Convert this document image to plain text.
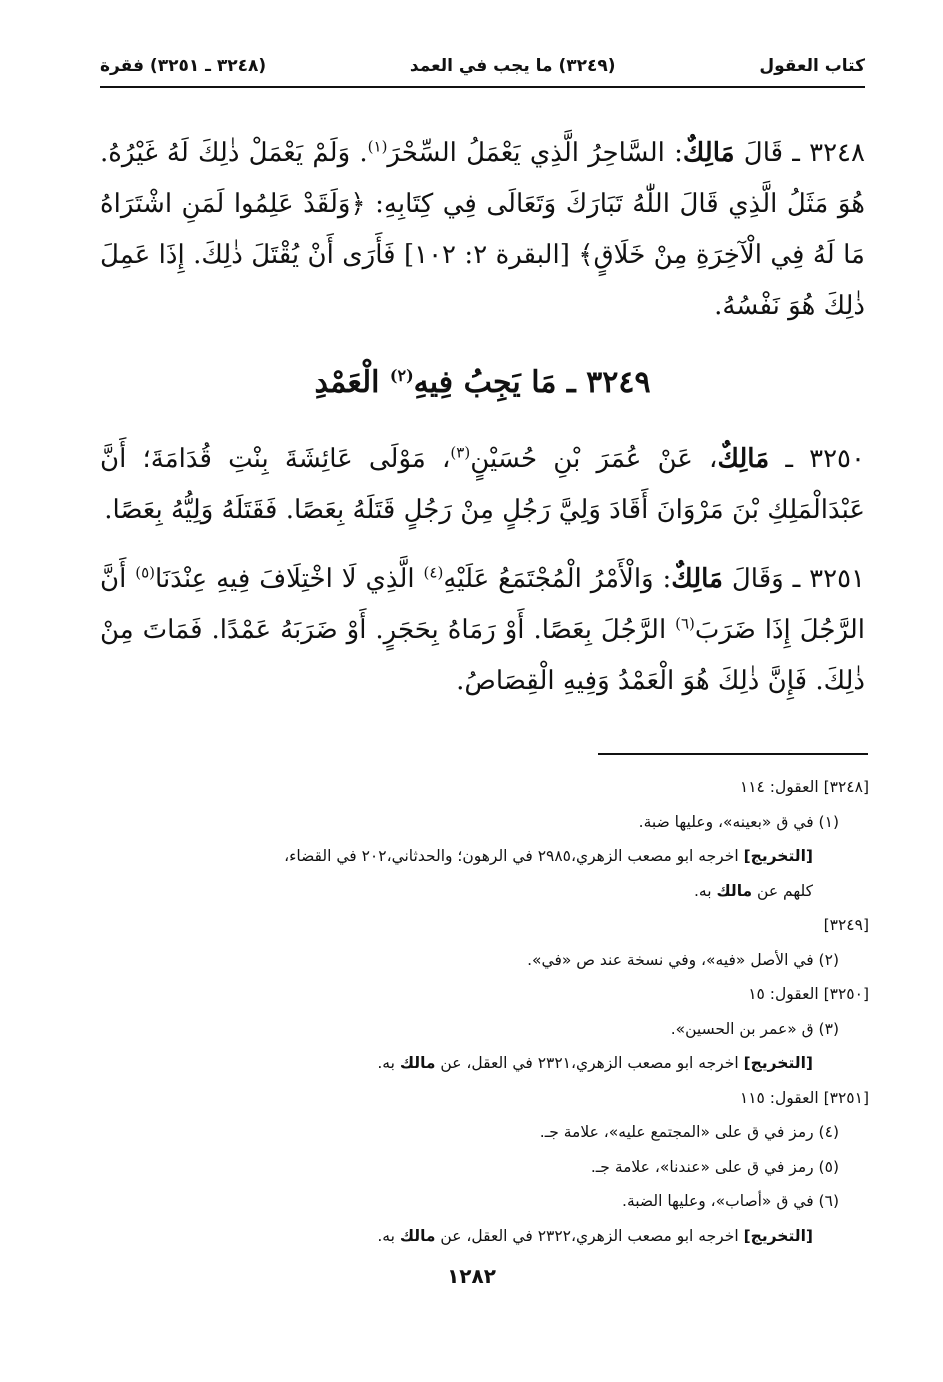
كتاب العقول
(٣٢٤٩) ما يجب في العمد
(٣٢٤٨ ـ ٣٢٥١) فقرة

٣٢٤٨ ـ قَالَ مَالِكٌ: السَّاحِرُ الَّذِي يَعْمَلُ السِّحْرَ$^{(١)}$. وَلَمْ يَعْمَلْ ذٰلِكَ لَهُ غَيْرُهُ. هُوَ مَثَلُ الَّذِي قَالَ اللّٰهُ تَبَارَكَ وَتَعَالَى فِي كِتَابِهِ: ﴿وَلَقَدْ عَلِمُوا لَمَنِ اشْتَرَاهُ مَا لَهُ فِي الْآخِرَةِ مِنْ خَلَاقٍ﴾ [البقرة ٢: ١٠٢] فَأَرَى أَنْ يُقْتَلَ ذٰلِكَ. إِذَا عَمِلَ ذٰلِكَ هُوَ نَفْسُهُ.

٣٢٤٩ ـ مَا يَجِبُ فِيهِ$^{(٢)}$ الْعَمْدِ

٣٢٥٠ ـ مَالِكٌ، عَنْ عُمَرَ بْنِ حُسَيْنٍ$^{(٣)}$، مَوْلَى عَائِشَةَ بِنْتِ قُدَامَةَ؛ أَنَّ عَبْدَالْمَلِكِ بْنَ مَرْوَانَ أَقَادَ وَلِيَّ رَجُلٍ مِنْ رَجُلٍ قَتَلَهُ بِعَصًا. فَقَتَلَهُ وَلِيُّهُ بِعَصًا.

٣٢٥١ ـ وَقَالَ مَالِكٌ: وَالْأَمْرُ الْمُجْتَمَعُ عَلَيْهِ$^{(٤)}$ الَّذِي لَا اخْتِلَافَ فِيهِ عِنْدَنَا$^{(٥)}$ أَنَّ الرَّجُلَ إِذَا ضَرَبَ$^{(٦)}$ الرَّجُلَ بِعَصًا. أَوْ رَمَاهُ بِحَجَرٍ. أَوْ ضَرَبَهُ عَمْدًا. فَمَاتَ مِنْ ذٰلِكَ. فَإِنَّ ذٰلِكَ هُوَ الْعَمْدُ وَفِيهِ الْقِصَاصُ.

[٣٢٤٨] العقول: ١١٤
(١) في ق «بعينه»، وعليها ضبة.
[التخريج] اخرجه ابو مصعب الزهري،٢٩٨٥ في الرهون؛ والحدثاني،٢٠٢ في القضاء،
كلهم عن مالك به.
[٣٢٤٩]
(٢) في الأصل «فيه»، وفي نسخة عند ص «في».
[٣٢٥٠] العقول: ١٥
(٣) ق «عمر بن الحسين».
[التخريج] اخرجه ابو مصعب الزهري،٢٣٢١ في العقل، عن مالك به.
[٣٢٥١] العقول: ١١٥
(٤) رمز في ق على «المجتمع عليه»، علامة جـ.
(٥) رمز في ق على «عندنا»، علامة جـ.
(٦) في ق «أصاب»، وعليها الضبة.
[التخريج] اخرجه ابو مصعب الزهري،٢٣٢٢ في العقل، عن مالك به.
١٢٨٢
